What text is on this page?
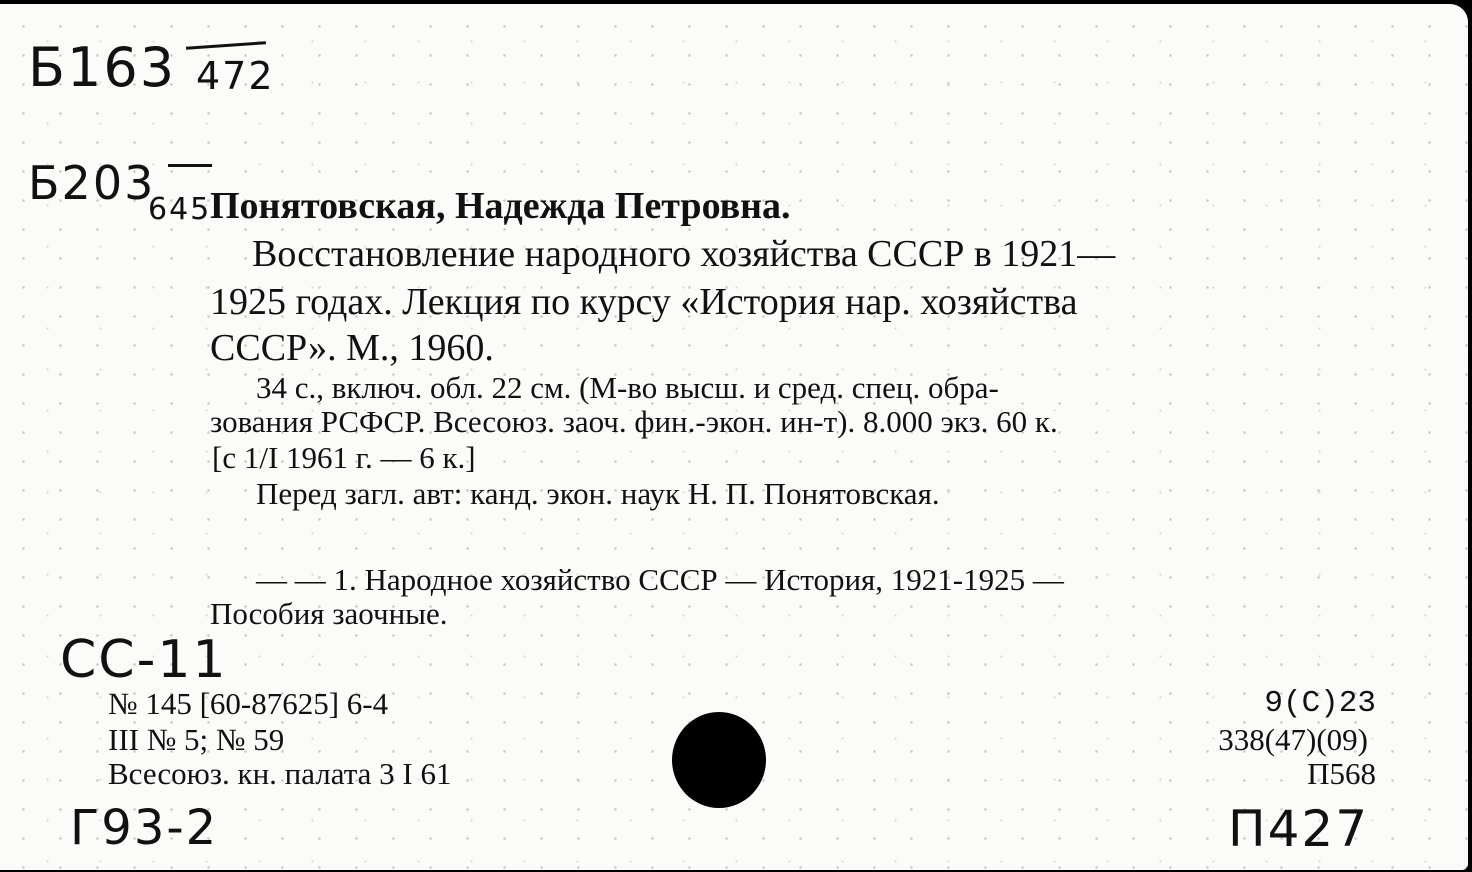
Б163 472
Б203
645
Понятовская, Надежда Петровна.
Восстановление народного хозяйства СССР в 1921—
1925 годах. Лекция по курсу «История нар. хозяйства
СССР». М., 1960.
34 с., включ. обл. 22 см. (М-во высш. и сред. спец. обра-
зования РСФСР. Всесоюз. заоч. фин.-экон. ин-т). 8.000 экз. 60 к.
[с 1/I 1961 г. — 6 к.]
Перед загл. авт: канд. экон. наук Н. П. Понятовская.
— — 1. Народное хозяйство СССР — История, 1921-1925 —
Пособия заочные.
CC-11
№ 145 [60-87625] 6-4
III № 5; № 59
Всесоюз. кн. палата 3 I 61
9(С)23
338(47)(09)
П568
Г93-2	П427
